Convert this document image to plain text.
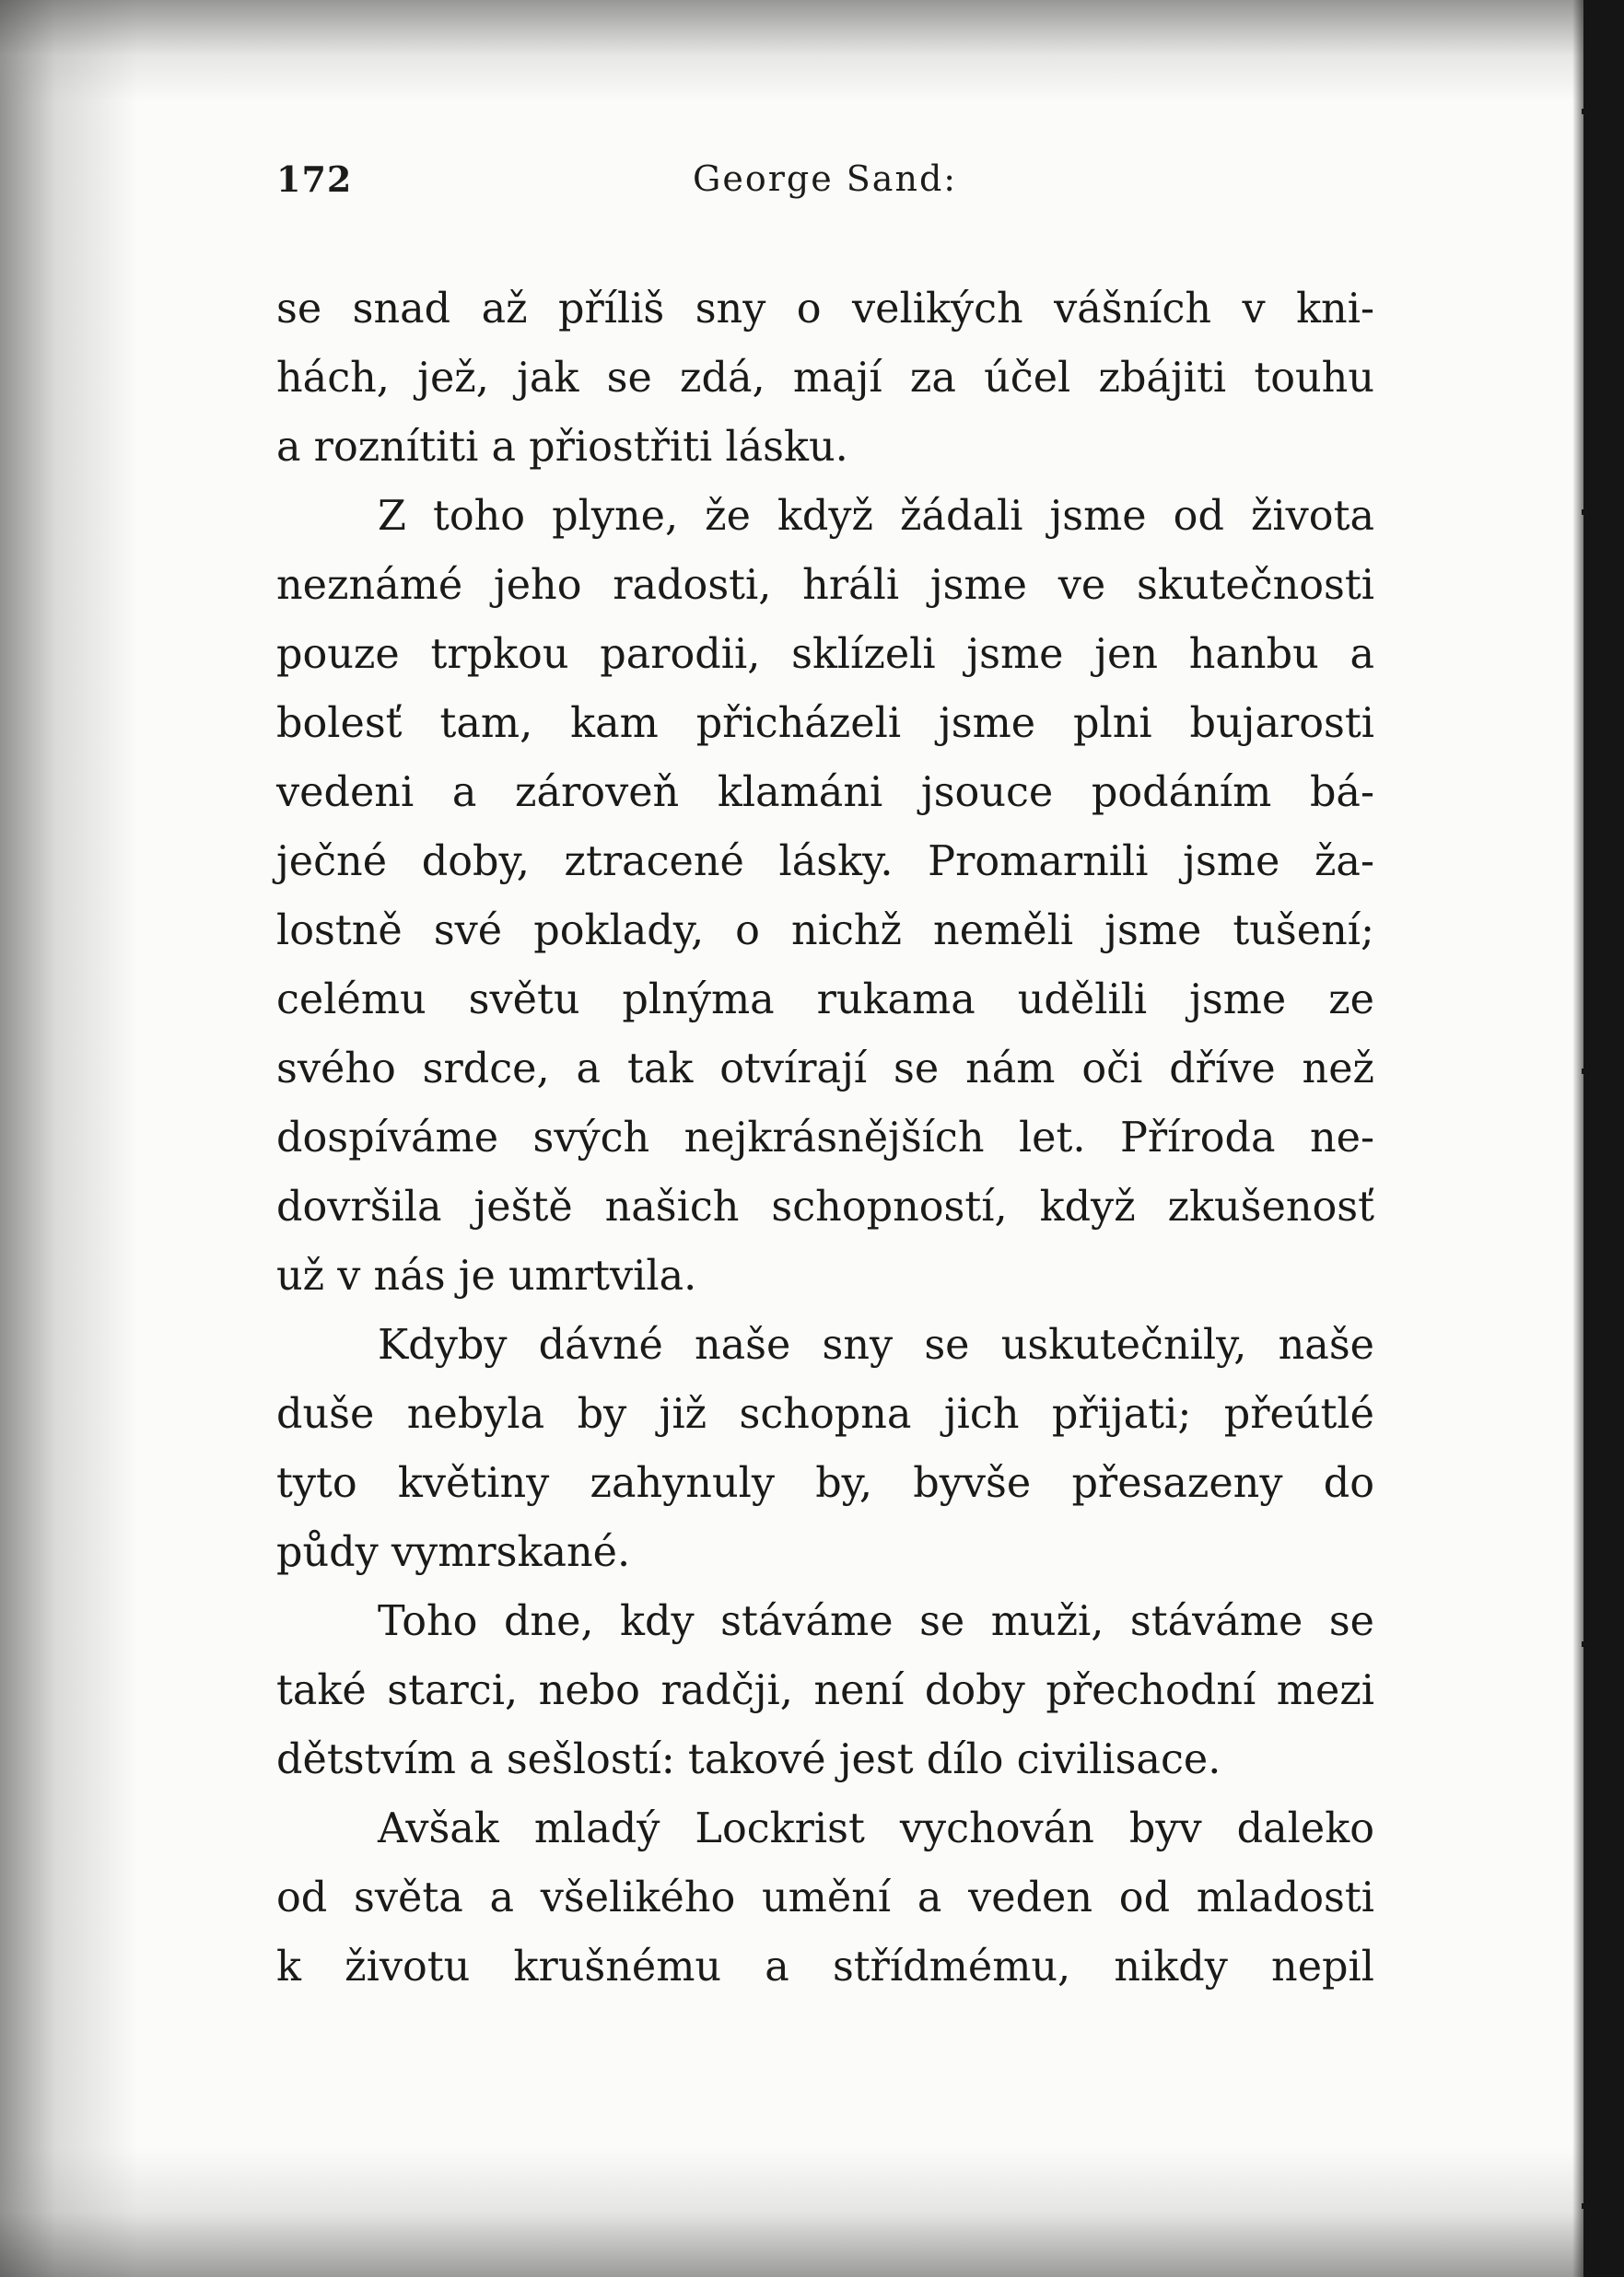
172	George Sand:
se snad až příliš sny o velikých vášních v kni-
hách, jež, jak se zdá, mají za účel zbájiti touhu
a roznítiti a přiostřiti lásku.
Z toho plyne, že když žádali jsme od života
neznámé jeho radosti, hráli jsme ve skutečnosti
pouze trpkou parodii, sklízeli jsme jen hanbu a
bolesť tam, kam přicházeli jsme plni bujarosti
vedeni a zároveň klamáni jsouce podáním bá-
ječné doby, ztracené lásky. Promarnili jsme ža-
lostně své poklady, o nichž neměli jsme tušení;
celému světu plnýma rukama udělili jsme ze
svého srdce, a tak otvírají se nám oči dříve než
dospíváme svých nejkrásnějších let. Příroda ne-
dovršila ještě našich schopností, když zkušenosť
už v nás je umrtvila.
Kdyby dávné naše sny se uskutečnily, naše
duše nebyla by již schopna jich přijati; přeútlé
tyto květiny zahynuly by, byvše přesazeny do
půdy vymrskané.
Toho dne, kdy stáváme se muži, stáváme se
také starci, nebo radčji, není doby přechodní mezi
dětstvím a sešlostí: takové jest dílo civilisace.
Avšak mladý Lockrist vychován byv daleko
od světa a všelikého umění a veden od mladosti
k životu krušnému a střídmému, nikdy nepil
